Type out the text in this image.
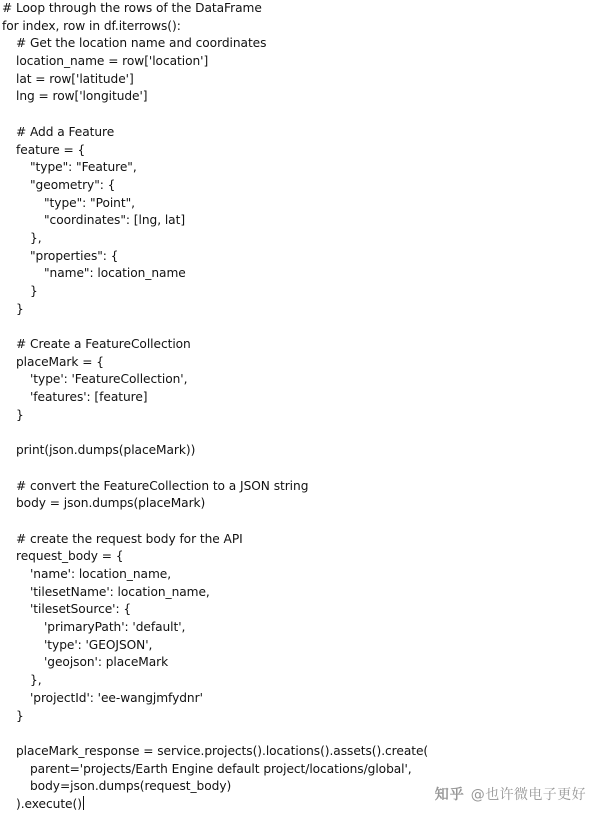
# Loop through the rows of the DataFrame
for index, row in df.iterrows():
# Get the location name and coordinates
location_name = row['location']
lat = row['latitude']
lng = row['longitude']
# Add a Feature
feature = {
"type": "Feature",
"geometry": {
"type": "Point",
"coordinates": [lng, lat]
},
"properties": {
"name": location_name
}
}
# Create a FeatureCollection
placeMark = {
'type': 'FeatureCollection',
'features': [feature]
}
print(json.dumps(placeMark))
# convert the FeatureCollection to a JSON string
body = json.dumps(placeMark)
# create the request body for the API
request_body = {
'name': location_name,
'tilesetName': location_name,
'tilesetSource': {
'primaryPath': 'default',
'type': 'GEOJSON',
'geojson': placeMark
},
'projectId': 'ee-wangjmfydnr'
}
placeMark_response = service.projects().locations().assets().create(
parent='projects/Earth Engine default project/locations/global',
body=json.dumps(request_body)
).execute()
知乎 @也许微电子更好
